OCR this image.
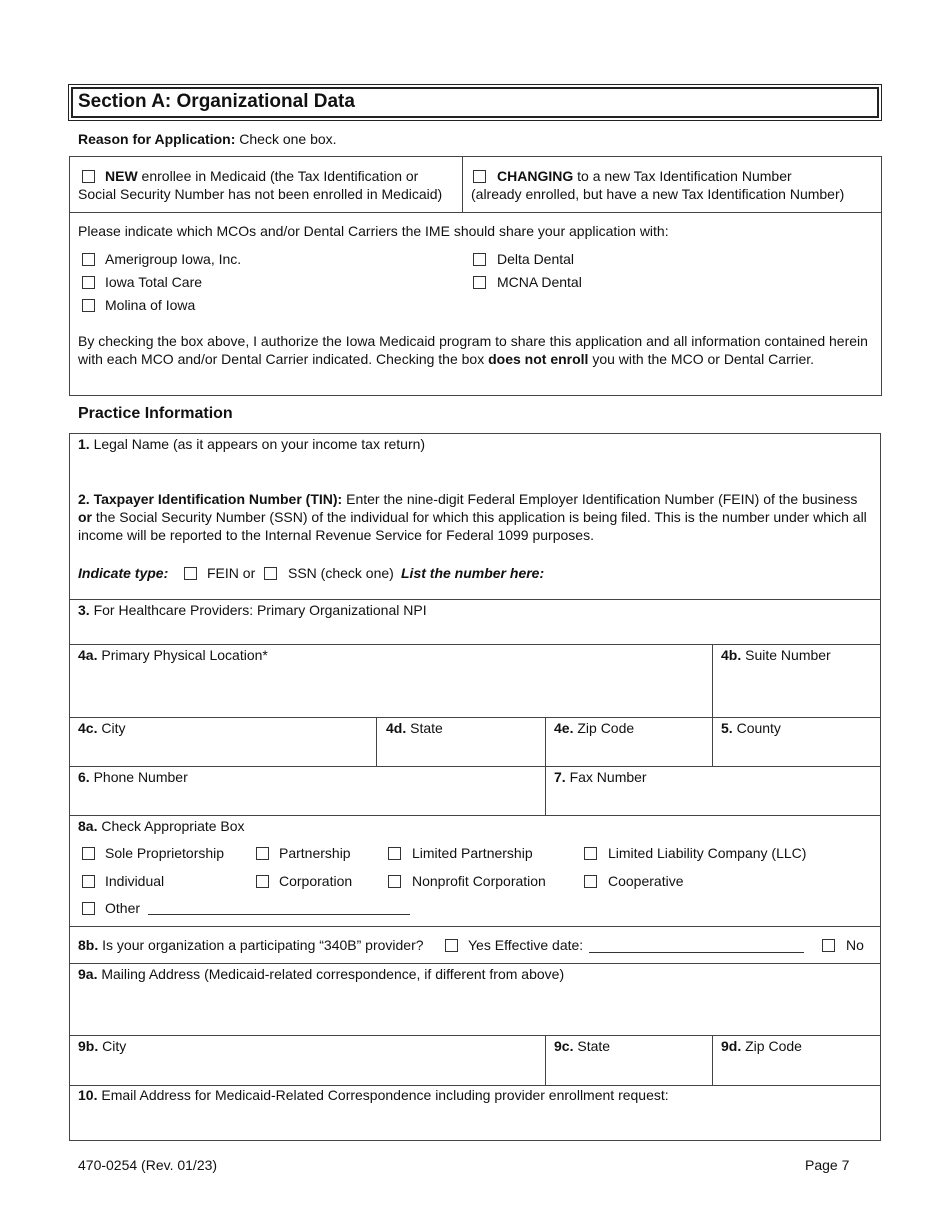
Section A: Organizational Data
Reason for Application: Check one box.
NEW enrollee in Medicaid (the Tax Identification or
Social Security Number has not been enrolled in Medicaid)
CHANGING to a new Tax Identification Number
(already enrolled, but have a new Tax Identification Number)
Please indicate which MCOs and/or Dental Carriers the IME should share your application with:
Amerigroup Iowa, Inc.
Iowa Total Care
Molina of Iowa
Delta Dental
MCNA Dental
By checking the box above, I authorize the Iowa Medicaid program to share this application and all information contained herein with each MCO and/or Dental Carrier indicated. Checking the box does not enroll you with the MCO or Dental Carrier.
Practice Information
1. Legal Name (as it appears on your income tax return)
2. Taxpayer Identification Number (TIN): Enter the nine-digit Federal Employer Identification Number (FEIN) of the business or the Social Security Number (SSN) of the individual for which this application is being filed. This is the number under which all income will be reported to the Internal Revenue Service for Federal 1099 purposes.
Indicate type:	FEIN or SSN (check one) List the number here:
3. For Healthcare Providers: Primary Organizational NPI
4a. Primary Physical Location*	4b. Suite Number
4c. City	4d. State	4e. Zip Code	5. County
6. Phone Number	7. Fax Number
8a. Check Appropriate Box
Sole Proprietorship	Partnership	Limited Partnership	Limited Liability Company (LLC)
Individual	Corporation	Nonprofit Corporation	Cooperative
Other
8b. Is your organization a participating “340B” provider?	Yes Effective date:	No
9a. Mailing Address (Medicaid-related correspondence, if different from above)
9b. City	9c. State	9d. Zip Code
10. Email Address for Medicaid-Related Correspondence including provider enrollment request:
470-0254 (Rev. 01/23)	Page 7
